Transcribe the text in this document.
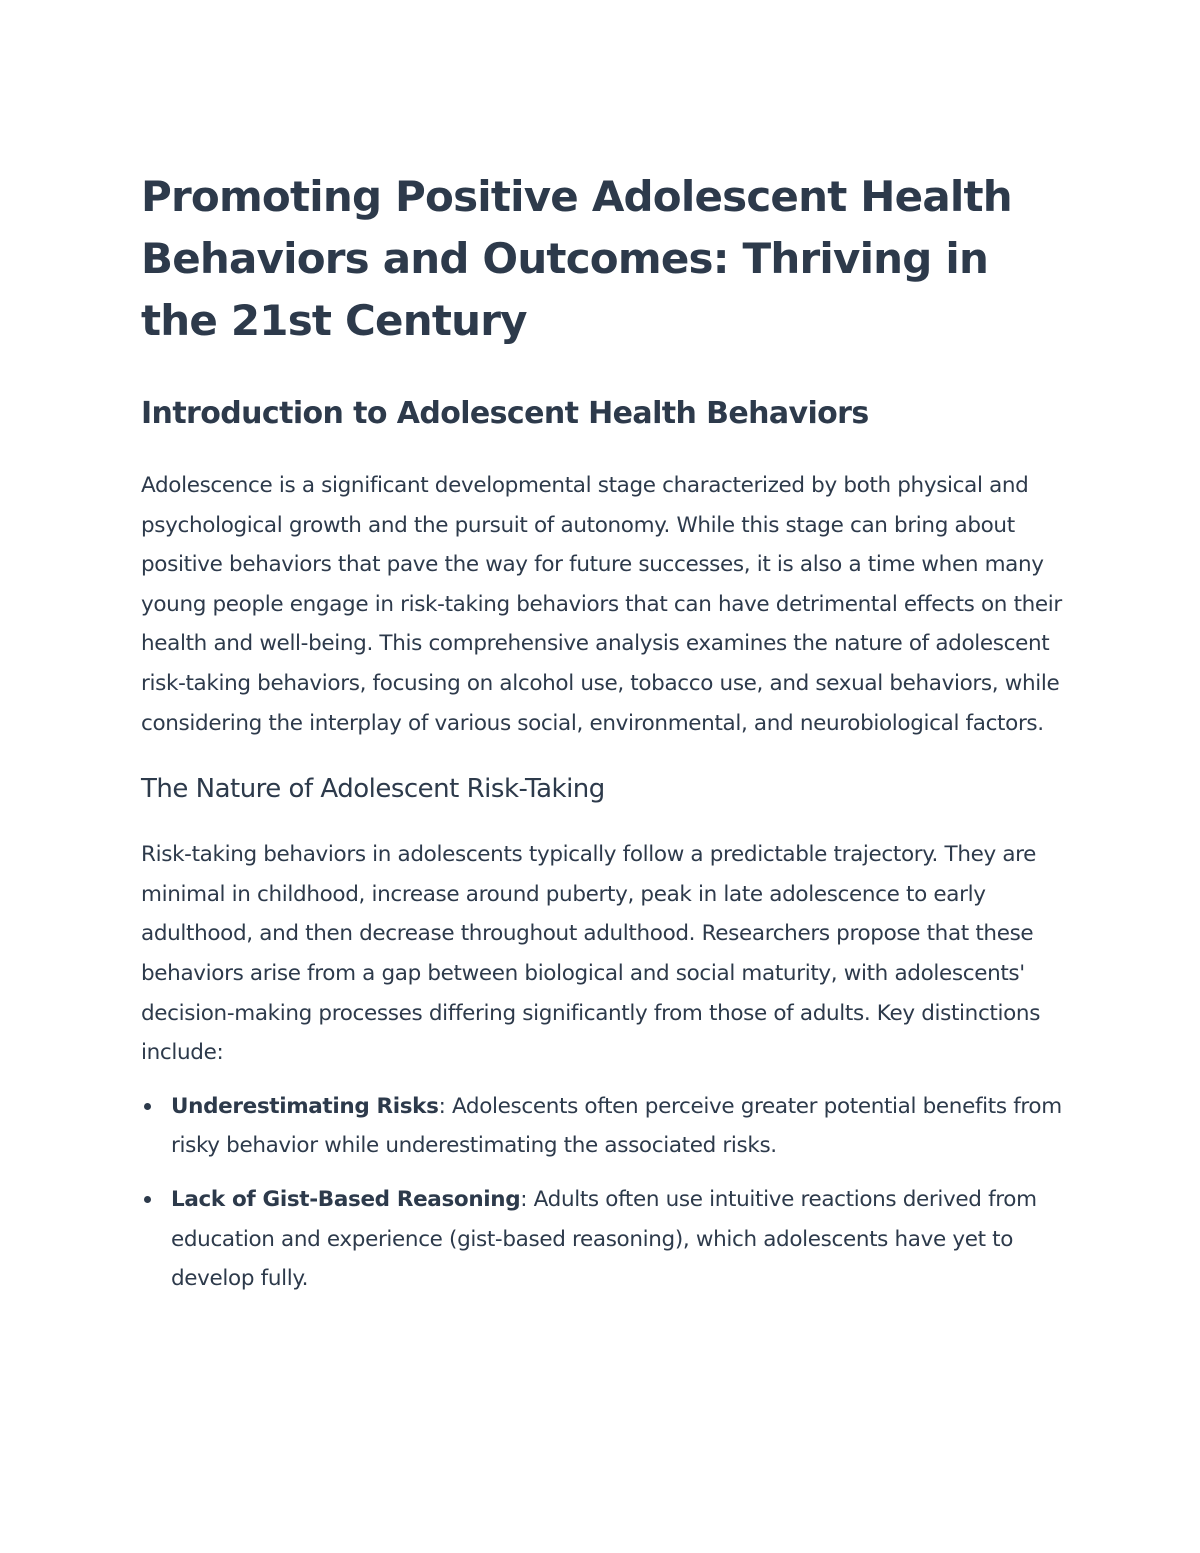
Promoting Positive Adolescent Health Behaviors and Outcomes: Thriving in the 21st Century
Introduction to Adolescent Health Behaviors

Adolescence is a significant developmental stage characterized by both physical and psychological growth and the pursuit of autonomy. While this stage can bring about positive behaviors that pave the way for future successes, it is also a time when many young people engage in risk-taking behaviors that can have detrimental effects on their health and well-being. This comprehensive analysis examines the nature of adolescent risk-taking behaviors, focusing on alcohol use, tobacco use, and sexual behaviors, while considering the interplay of various social, environmental, and neurobiological factors.

The Nature of Adolescent Risk-Taking

Risk-taking behaviors in adolescents typically follow a predictable trajectory. They are minimal in childhood, increase around puberty, peak in late adolescence to early adulthood, and then decrease throughout adulthood. Researchers propose that these behaviors arise from a gap between biological and social maturity, with adolescents' decision-making processes differing significantly from those of adults. Key distinctions include:

Underestimating Risks: Adolescents often perceive greater potential benefits from risky behavior while underestimating the associated risks.
Lack of Gist-Based Reasoning: Adults often use intuitive reactions derived from education and experience (gist-based reasoning), which adolescents have yet to develop fully.
